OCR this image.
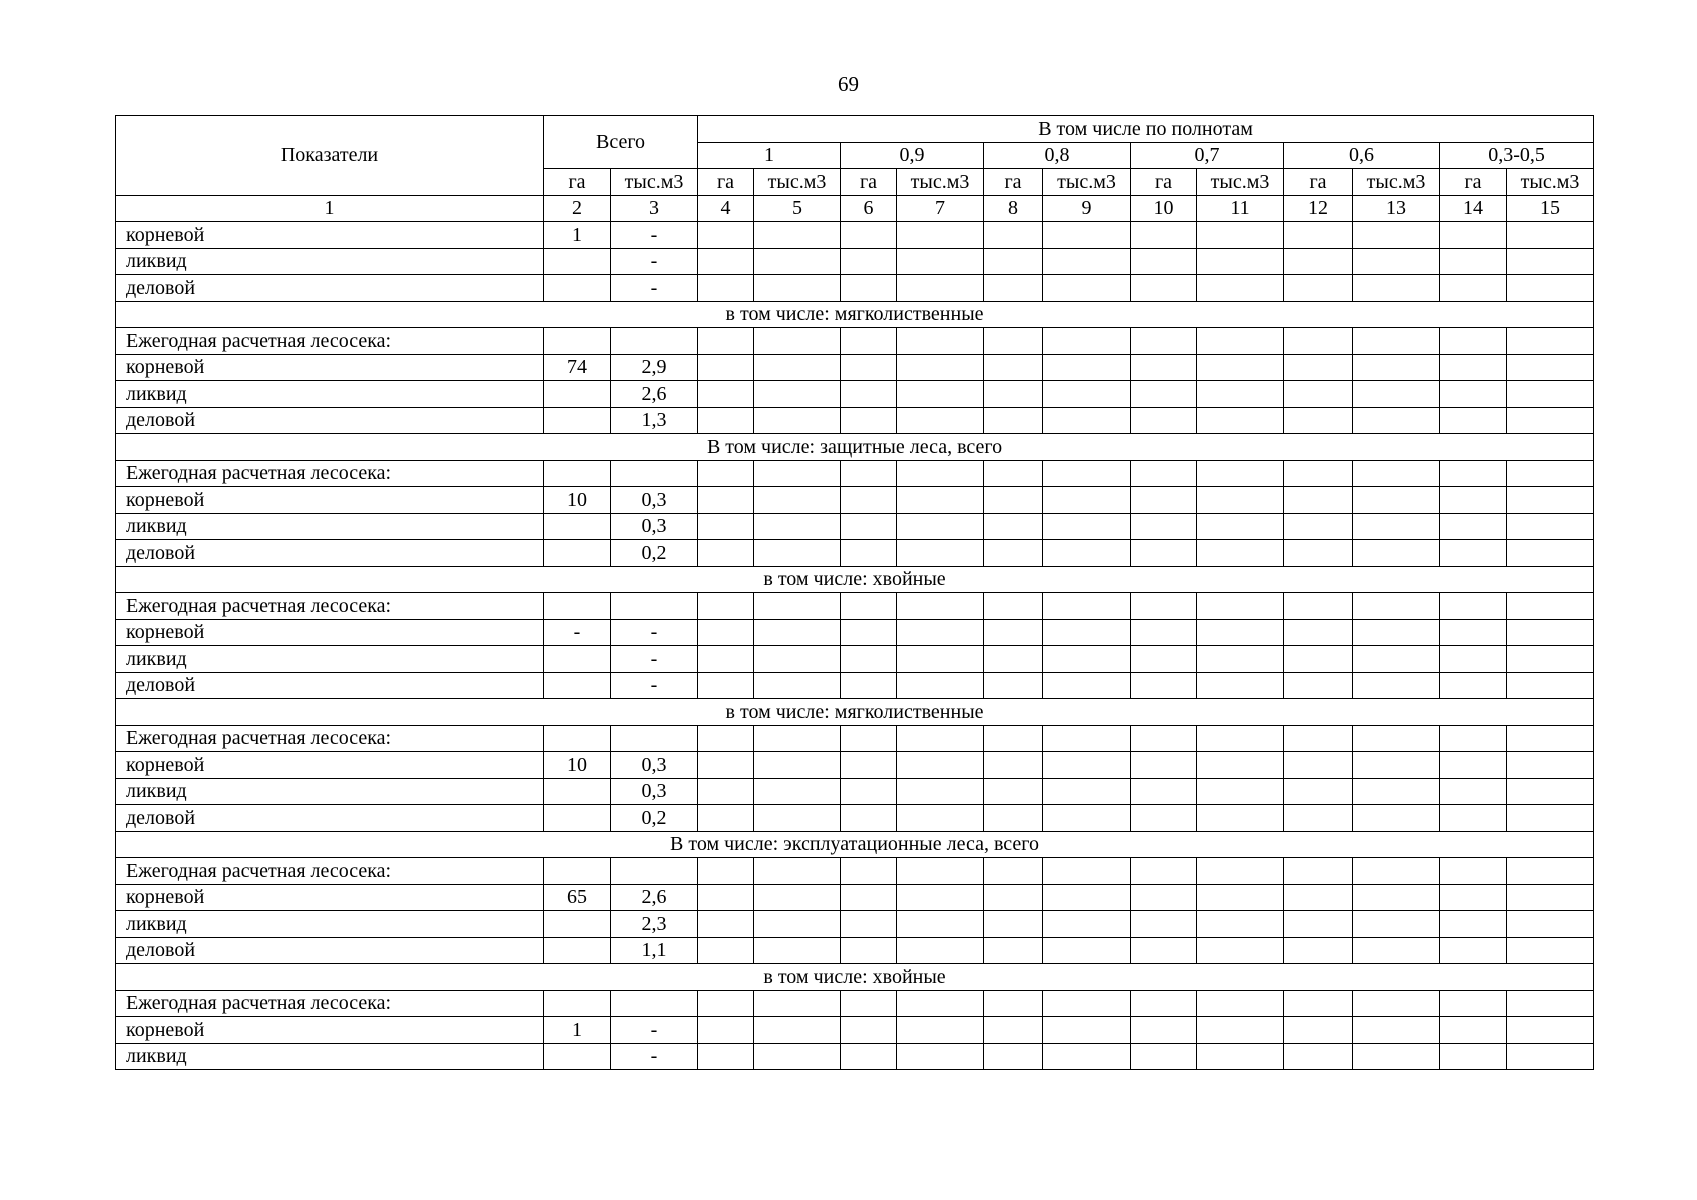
69
Показатели	Всего		В том числе по полнотам											
			1		0,9		0,8		0,7		0,6		0,3-0,5	
	га	тыс.м3	га	тыс.м3	га	тыс.м3	га	тыс.м3	га	тыс.м3	га	тыс.м3	га	тыс.м3
1	2	3	4	5	6	7	8	9	10	11	12	13	14	15
корневой	1	-												
ликвид		-												
деловой		-												
в том числе: мягколиственные														
Ежегодная расчетная лесосека:														
корневой	74	2,9												
ликвид		2,6												
деловой		1,3												
В том числе: защитные леса, всего														
Ежегодная расчетная лесосека:														
корневой	10	0,3												
ликвид		0,3												
деловой		0,2												
в том числе: хвойные														
Ежегодная расчетная лесосека:														
корневой	-	-												
ликвид		-												
деловой		-												
в том числе: мягколиственные														
Ежегодная расчетная лесосека:														
корневой	10	0,3												
ликвид		0,3												
деловой		0,2												
В том числе: эксплуатационные леса, всего														
Ежегодная расчетная лесосека:														
корневой	65	2,6												
ликвид		2,3												
деловой		1,1												
в том числе: хвойные														
Ежегодная расчетная лесосека:														
корневой	1	-												
ликвид		-												
